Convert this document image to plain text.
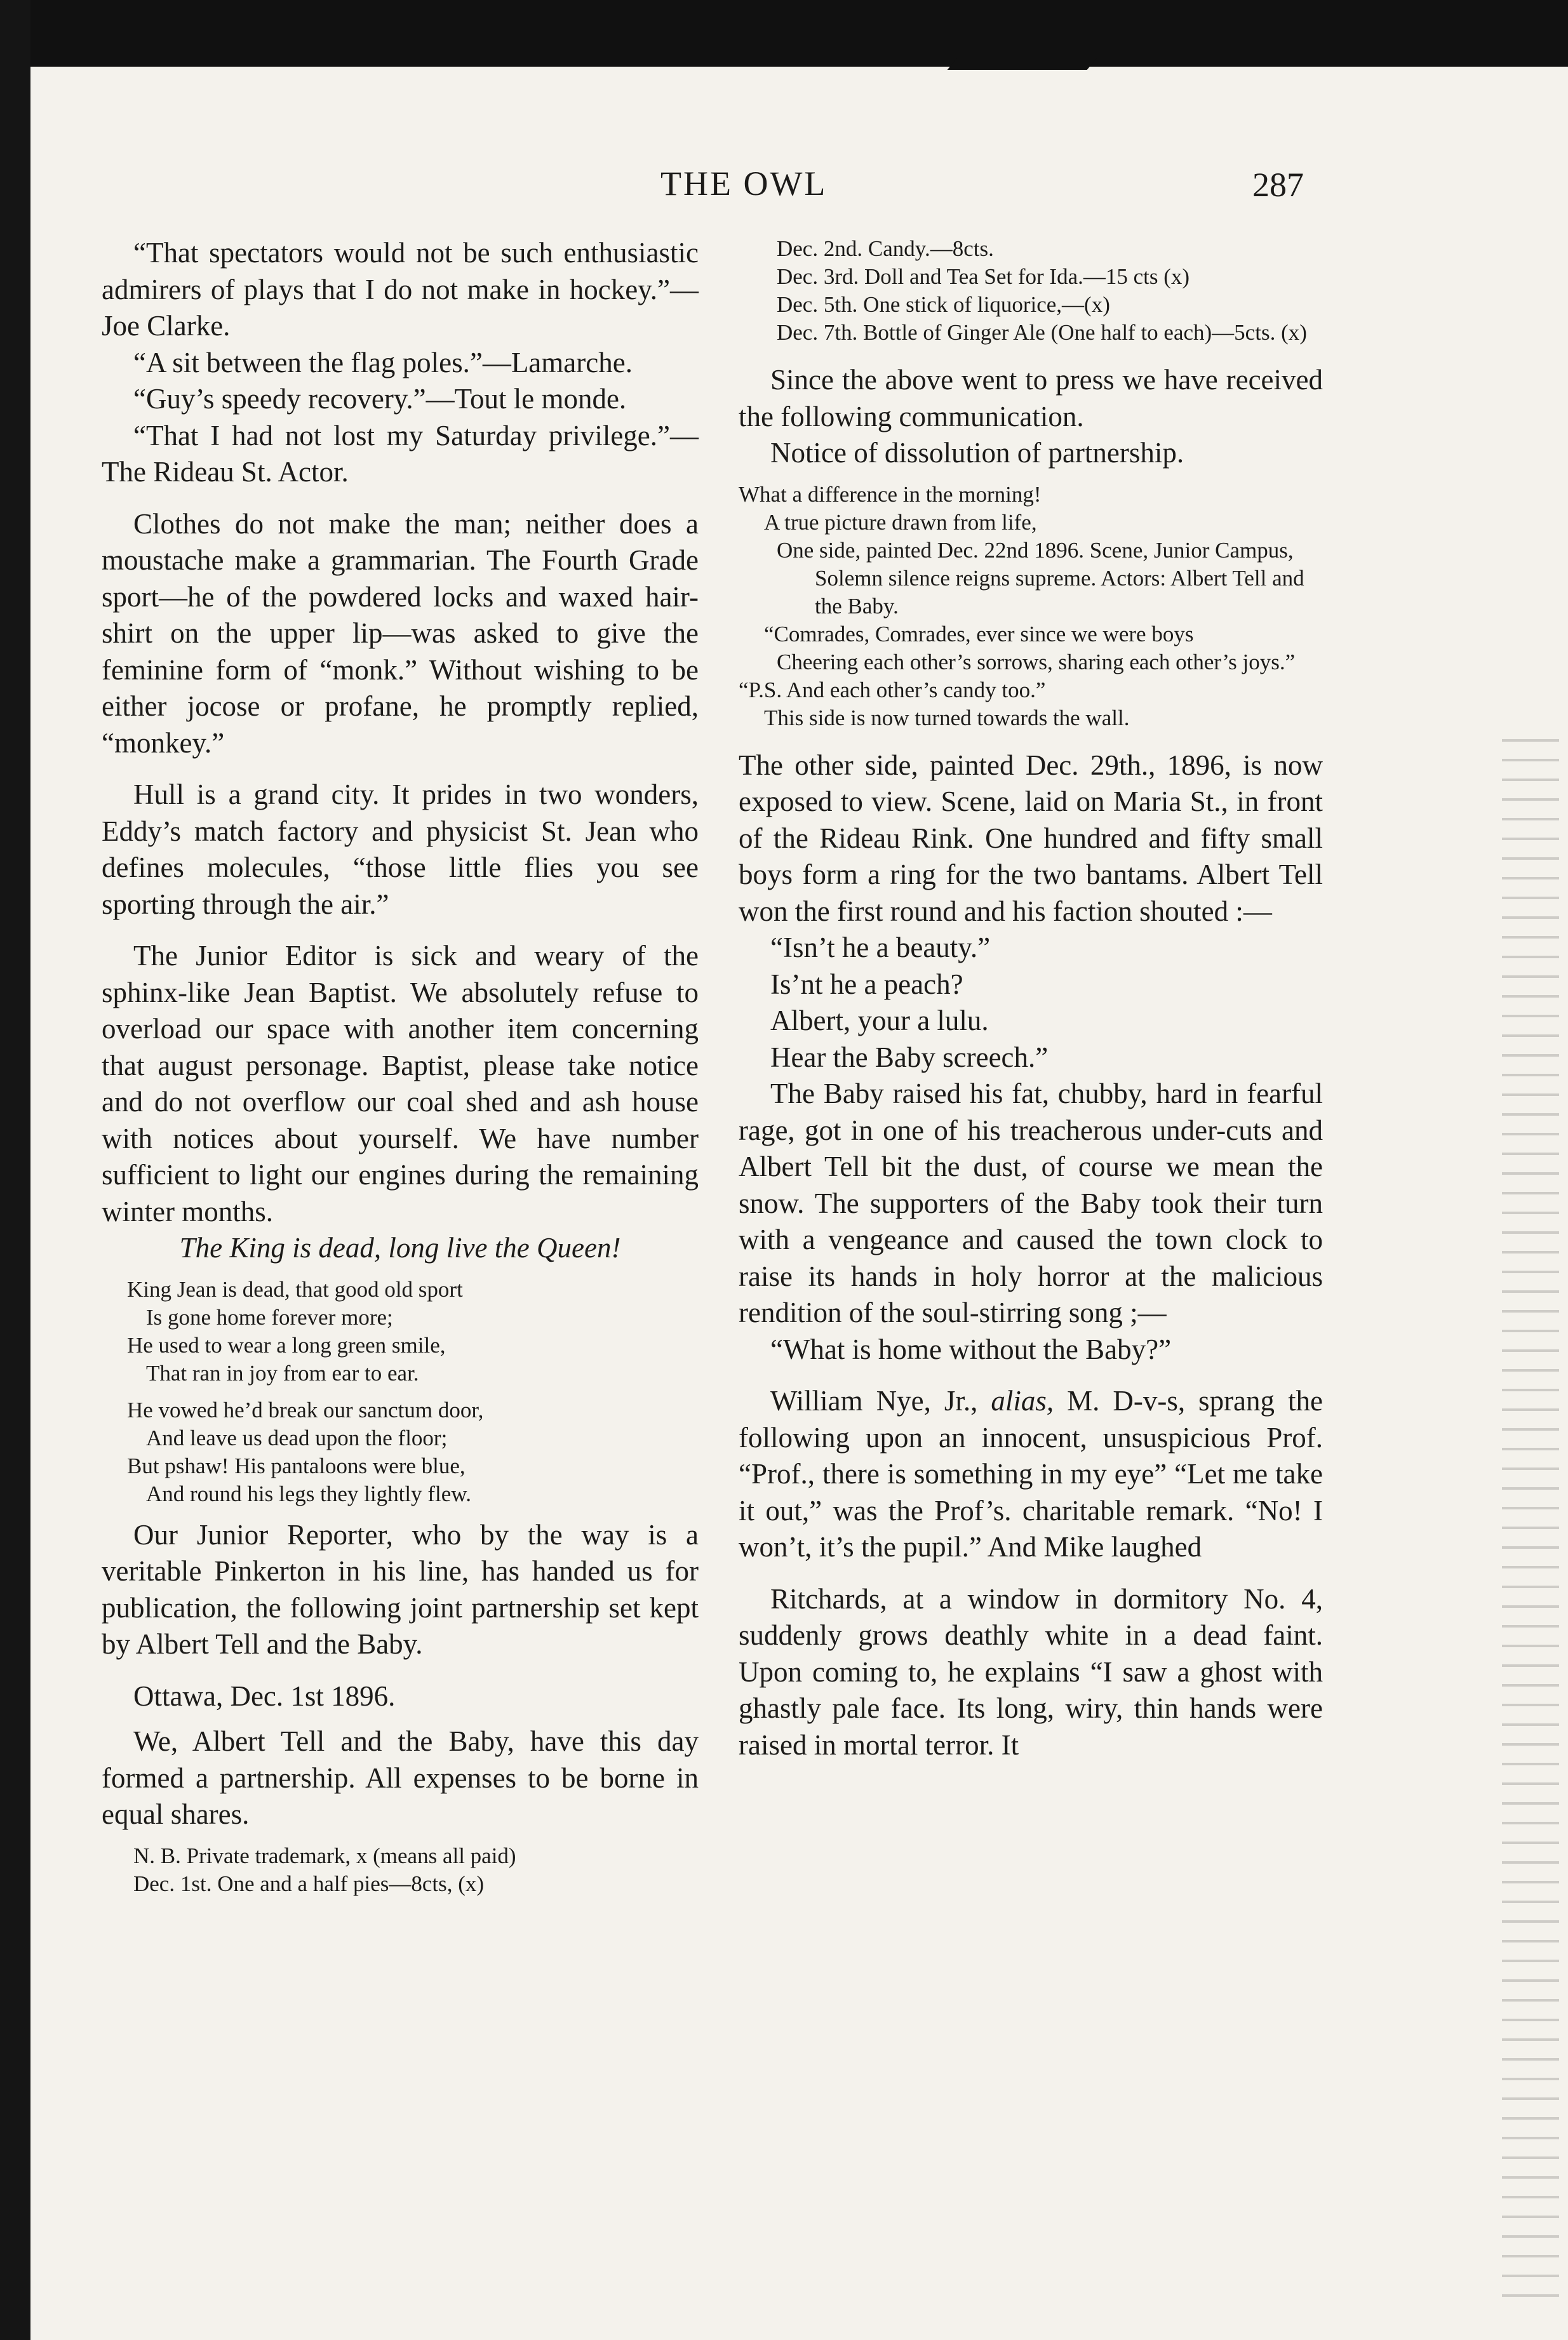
THE OWL	287

“That spectators would not be such enthusiastic admirers of plays that I do not make in hockey.”—Joe Clarke.

“A sit between the flag poles.”—Lamarche.

“Guy’s speedy recovery.”—Tout le monde.

“That I had not lost my Saturday privilege.”—The Rideau St. Actor.

Clothes do not make the man; neither does a moustache make a grammarian. The Fourth Grade sport—he of the powdered locks and waxed hair-shirt on the upper lip—was asked to give the feminine form of “monk.” Without wishing to be either jocose or profane, he promptly replied, “monkey.”

Hull is a grand city. It prides in two wonders, Eddy’s match factory and physicist St. Jean who defines molecules, “those little flies you see sporting through the air.”

The Junior Editor is sick and weary of the sphinx-like Jean Baptist. We absolutely refuse to overload our space with another item concerning that august personage. Baptist, please take notice and do not overflow our coal shed and ash house with notices about yourself. We have number sufficient to light our engines during the remaining winter months.

The King is dead, long live the Queen!

King Jean is dead, that good old sport

Is gone home forever more;

He used to wear a long green smile,

That ran in joy from ear to ear.

He vowed he’d break our sanctum door,

And leave us dead upon the floor;

But pshaw! His pantaloons were blue,

And round his legs they lightly flew.

Our Junior Reporter, who by the way is a veritable Pinkerton in his line, has handed us for publication, the following joint partnership set kept by Albert Tell and the Baby.

Ottawa, Dec. 1st 1896.

We, Albert Tell and the Baby, have this day formed a partnership. All expenses to be borne in equal shares.

N. B. Private trademark, x (means all paid)

Dec. 1st. One and a half pies—8cts, (x)

Dec. 2nd. Candy.—8cts.

Dec. 3rd. Doll and Tea Set for Ida.—15 cts (x)

Dec. 5th. One stick of liquorice,—(x)

Dec. 7th. Bottle of Ginger Ale (One half to each)—5cts. (x)

Since the above went to press we have received the following communication.

Notice of dissolution of partnership.

What a difference in the morning!

A true picture drawn from life,

One side, painted Dec. 22nd 1896. Scene, Junior Campus, Solemn silence reigns supreme. Actors: Albert Tell and the Baby.

“Comrades, Comrades, ever since we were boys

Cheering each other’s sorrows, sharing each other’s joys.”

“P.S. And each other’s candy too.”

This side is now turned towards the wall.

The other side, painted Dec. 29th., 1896, is now exposed to view. Scene, laid on Maria St., in front of the Rideau Rink. One hundred and fifty small boys form a ring for the two bantams. Albert Tell won the first round and his faction shouted :—

“Isn’t he a beauty.”

Is’nt he a peach?

Albert, your a lulu.

Hear the Baby screech.”

The Baby raised his fat, chubby, hard in fearful rage, got in one of his treacherous under-cuts and Albert Tell bit the dust, of course we mean the snow. The supporters of the Baby took their turn with a vengeance and caused the town clock to raise its hands in holy horror at the malicious rendition of the soul-stirring song ;—

“What is home without the Baby?”

William Nye, Jr., alias, M. D-v-s, sprang the following upon an innocent, unsuspicious Prof. “Prof., there is something in my eye” “Let me take it out,” was the Prof’s. charitable remark. “No! I won’t, it’s the pupil.” And Mike laughed

Ritchards, at a window in dormitory No. 4, suddenly grows deathly white in a dead faint. Upon coming to, he explains “I saw a ghost with ghastly pale face. Its long, wiry, thin hands were raised in mortal terror. It
